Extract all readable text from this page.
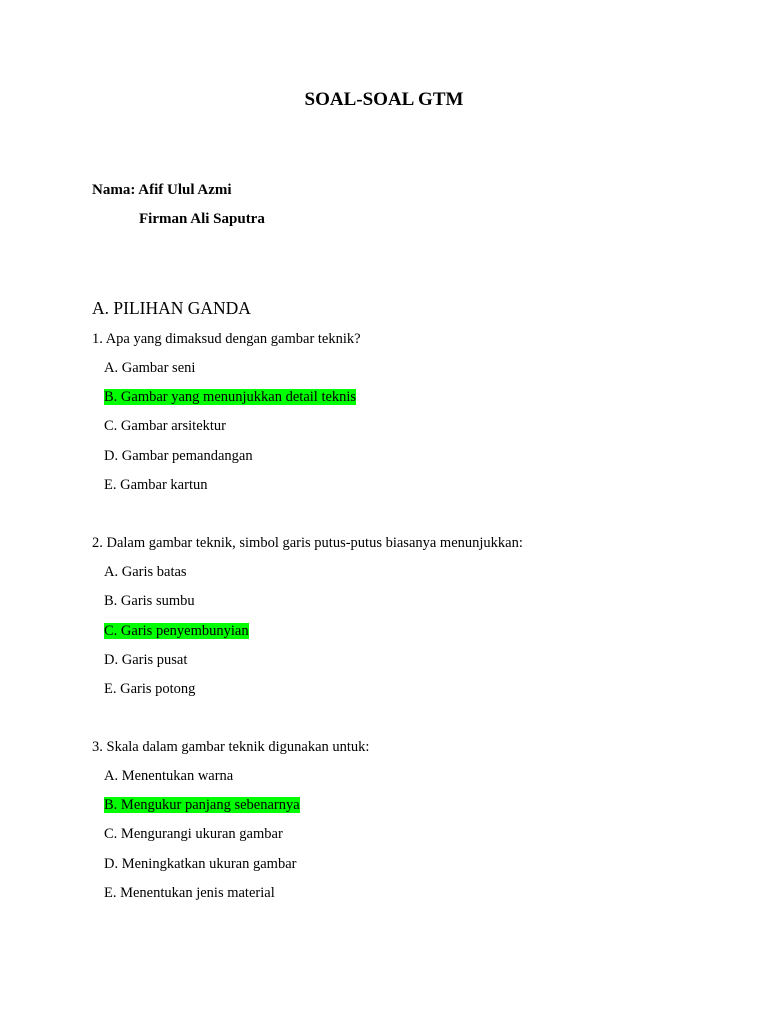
SOAL-SOAL GTM
Nama: Afif Ulul Azmi
Firman Ali Saputra
A. PILIHAN GANDA
1. Apa yang dimaksud dengan gambar teknik?
A. Gambar seni
B. Gambar yang menunjukkan detail teknis
C. Gambar arsitektur
D. Gambar pemandangan
E. Gambar kartun
2. Dalam gambar teknik, simbol garis putus-putus biasanya menunjukkan:
A. Garis batas
B. Garis sumbu
C. Garis penyembunyian
D. Garis pusat
E. Garis potong
3. Skala dalam gambar teknik digunakan untuk:
A. Menentukan warna
B. Mengukur panjang sebenarnya
C. Mengurangi ukuran gambar
D. Meningkatkan ukuran gambar
E. Menentukan jenis material
